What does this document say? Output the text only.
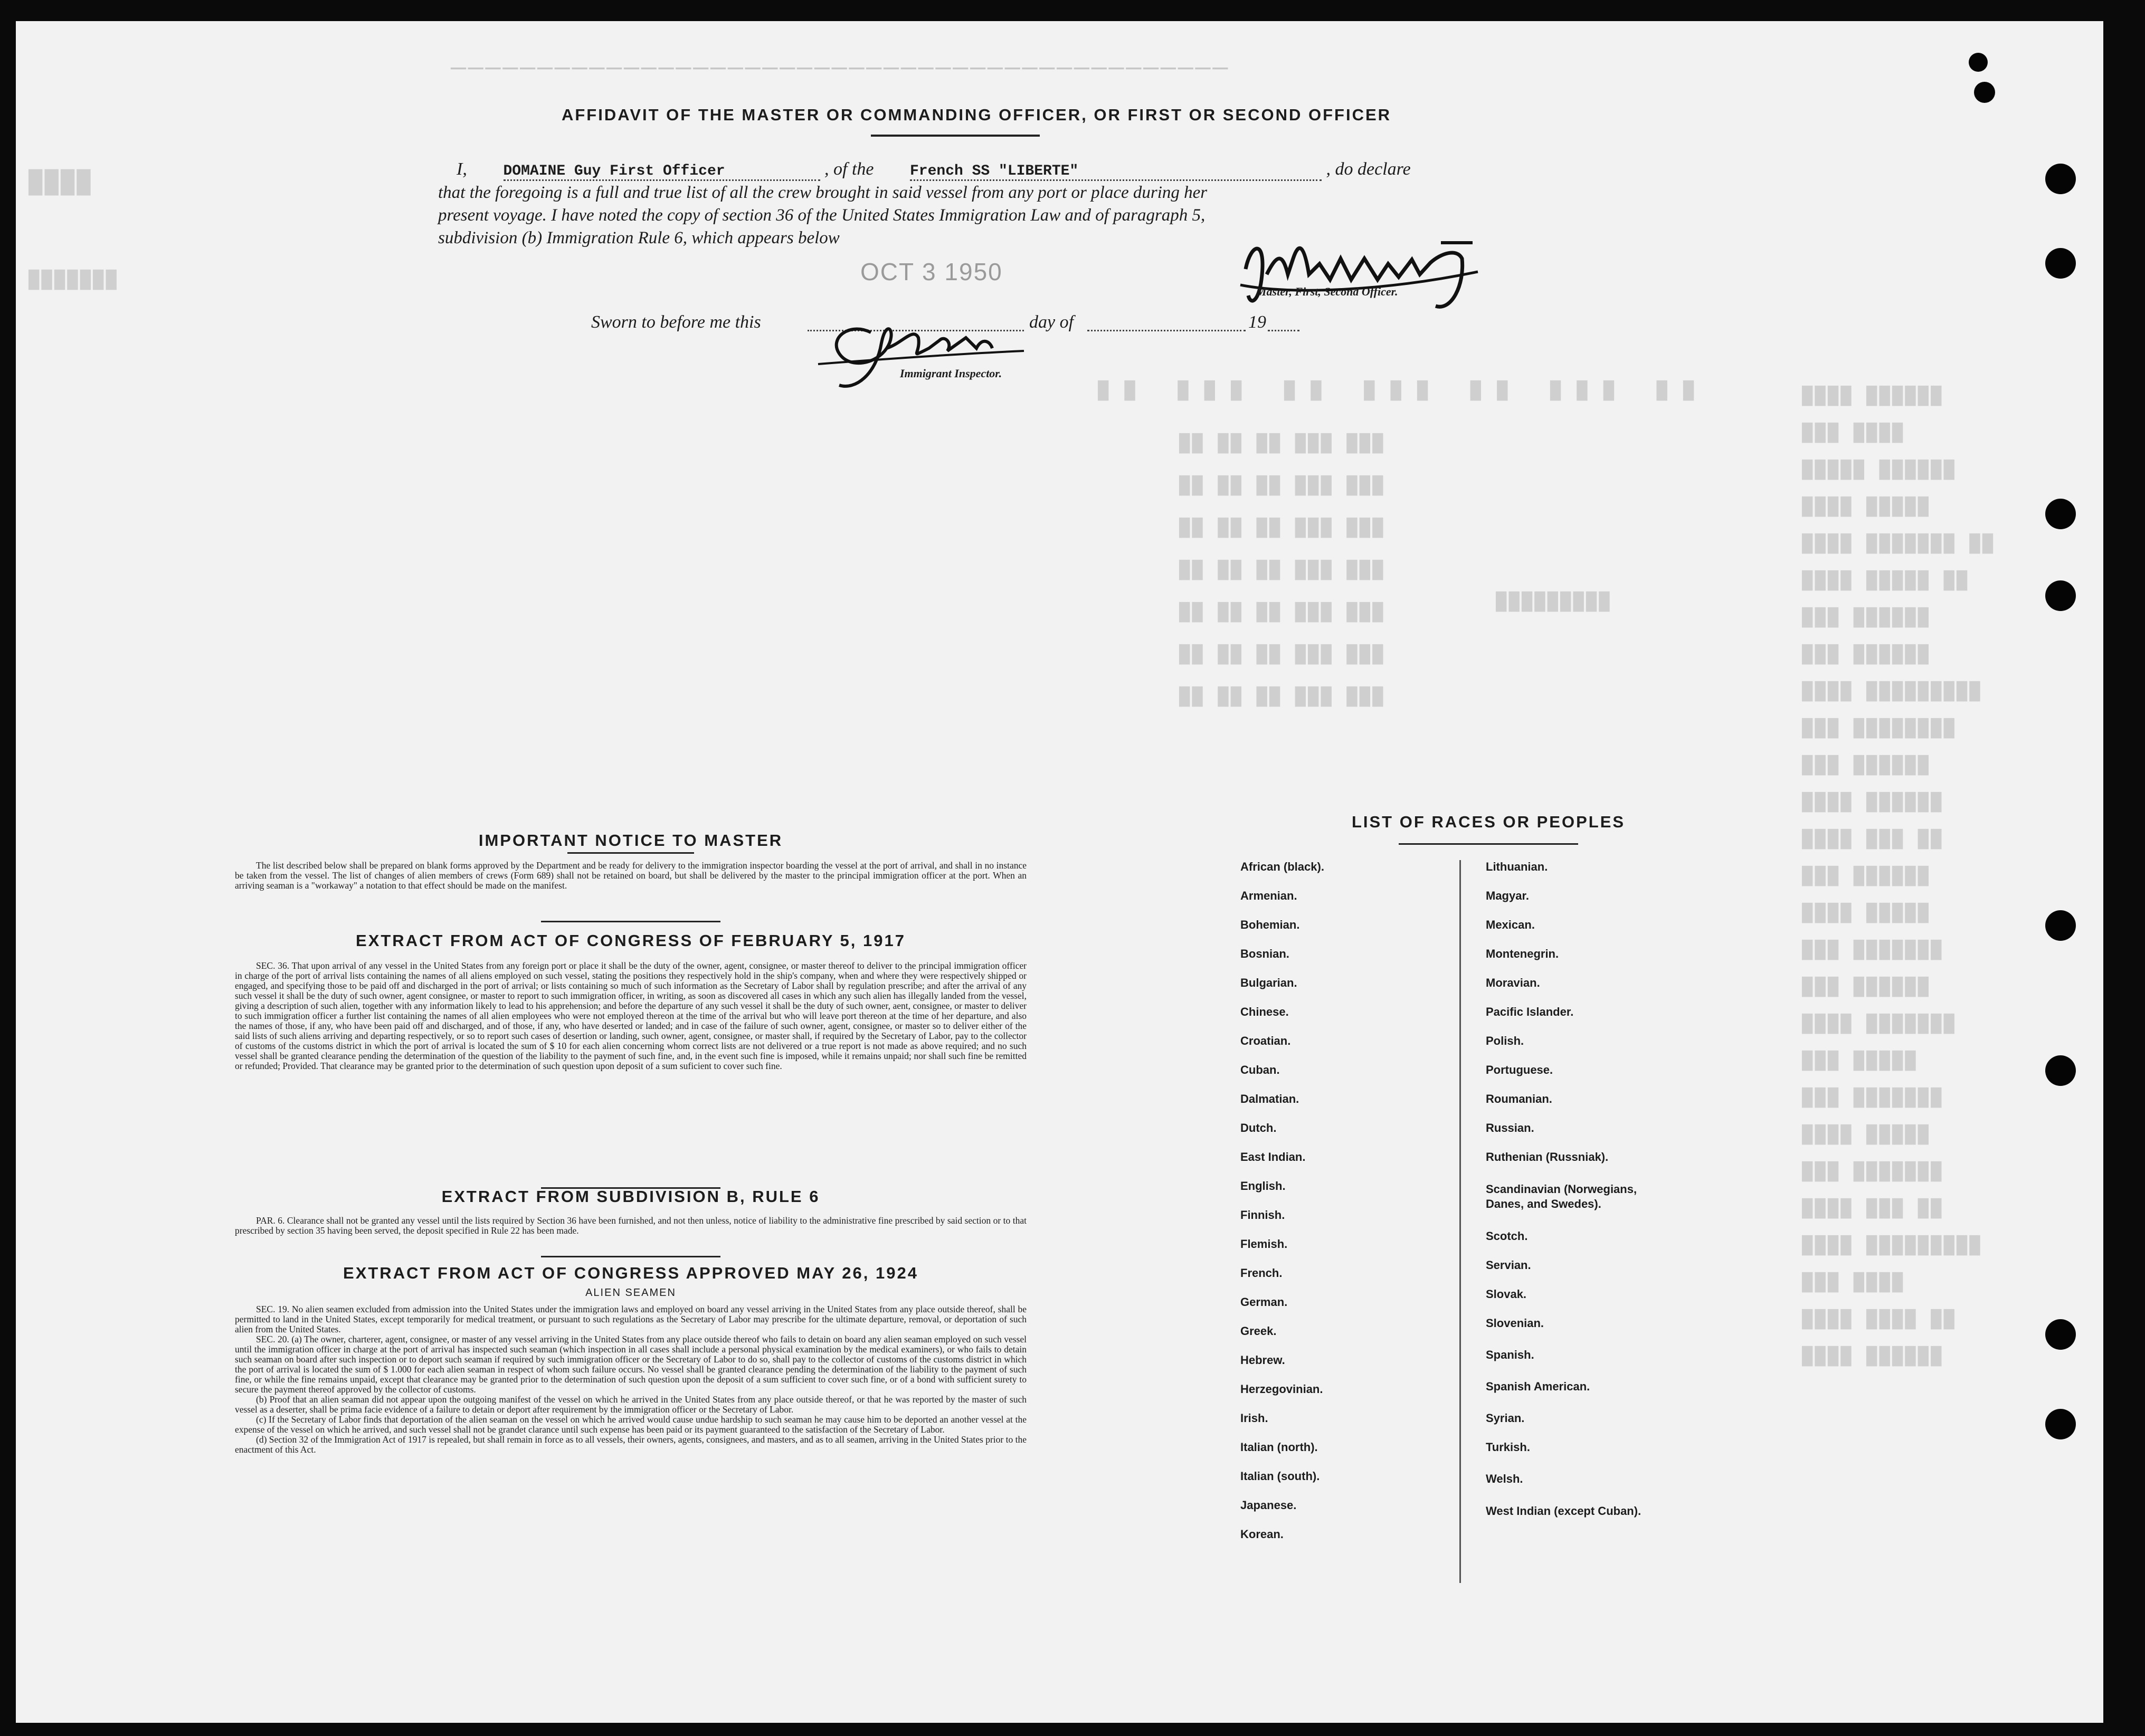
─────────────────────────────────────────────
██████ ████
████ ███
██████ █████
█████ ████
██ ███████ ████
██ █████ ████
██████ ███
██████ ███
█████████ ████
████████ ███
██████ ███
██████ ████
██ ███ ████
██████ ███
█████ ████
███████ ███
██████ ███
███████ ████
█████ ███
███████ ███
█████ ████
███████ ███
██ ███ ████
█████████ ████
████ ███
██ ████ ████
██████ ████
██ ███ ██ ███ ██ ███ ██
███ ███ ██ ██ ██
███ ███ ██ ██ ██
███ ███ ██ ██ ██
███ ███ ██ ██ ██
███ ███ ██ ██ ██
███ ███ ██ ██ ██
███ ███ ██ ██ ██
█████████
███████
████
AFFIDAVIT OF THE MASTER OR COMMANDING OFFICER, OR FIRST OR SECOND OFFICER
I, DOMAINE Guy First Officer	, of the French SS "LIBERTE"	, do declare
that the foregoing is a full and true list of all the crew brought in said vessel from any port or place during her
present voyage. I have noted the copy of section 36 of the United States Immigration Law and of paragraph 5,
subdivision (b) Immigration Rule 6, which appears below
OCT 3 1950
Master, First, Second Officer.
Sworn to before me this	day of	19
Immigrant Inspector.
IMPORTANT NOTICE TO MASTER

The list described below shall be prepared on blank forms approved by the Department and be ready for delivery to the immigration inspector boarding the vessel at the port of arrival, and shall in no instance be taken from the vessel. The list of changes of alien members of crews (Form 689) shall not be retained on board, but shall be delivered by the master to the principal immigration officer at the port. When an arriving seaman is a "workaway" a notation to that effect should be made on the manifest.

EXTRACT FROM ACT OF CONGRESS OF FEBRUARY 5, 1917

SEC. 36. That upon arrival of any vessel in the United States from any foreign port or place it shall be the duty of the owner, agent, consignee, or master thereof to deliver to the principal immigration officer in charge of the port of arrival lists containing the names of all aliens employed on such vessel, stating the positions they respectively hold in the ship's company, when and where they were respectively shipped or engaged, and specifying those to be paid off and discharged in the port of arrival; or lists containing so much of such information as the Secretary of Labor shall by regulation prescribe; and after the arrival of any such vessel it shall be the duty of such owner, agent consignee, or master to report to such immigration officer, in writing, as soon as discovered all cases in which any such alien has illegally landed from the vessel, giving a description of such alien, together with any information likely to lead to his apprehension; and before the departure of any such vessel it shall be the duty of such owner, aent, consignee, or master to deliver to such immigration officer a further list containing the names of all alien employees who were not employed thereon at the time of the arrival but who will leave port thereon at the time of her departure, and also the names of those, if any, who have been paid off and discharged, and of those, if any, who have deserted or landed; and in case of the failure of such owner, agent, consignee, or master so to deliver either of the said lists of such aliens arriving and departing respectively, or so to report such cases of desertion or landing, such owner, agent, consignee, or master shall, if required by the Secretary of Labor, pay to the collector of customs of the customs district in which the port of arrival is located the sum of $ 10 for each alien concerning whom correct lists are not delivered or a true report is not made as above required; and no such vessel shall be granted clearance pending the determination of the question of the liability to the payment of such fine, and, in the event such fine is imposed, while it remains unpaid; nor shall such fine be remitted or refunded; Provided. That clearance may be granted prior to the determination of such question upon deposit of a sum suficient to cover such fine.

EXTRACT FROM SUBDIVISION B, RULE 6

PAR. 6. Clearance shall not be granted any vessel until the lists required by Section 36 have been furnished, and not then unless, notice of liability to the administrative fine prescribed by said section or to that prescribed by section 35 having been served, the deposit specified in Rule 22 has been made.

EXTRACT FROM ACT OF CONGRESS APPROVED MAY 26, 1924
ALIEN SEAMEN

SEC. 19. No alien seamen excluded from admission into the United States under the immigration laws and employed on board any vessel arriving in the United States from any place outside thereof, shall be permitted to land in the United States, except temporarily for medical treatment, or pursuant to such regulations as the Secretary of Labor may prescribe for the ultimate departure, removal, or deportation of such alien from the United States.

SEC. 20. (a) The owner, charterer, agent, consignee, or master of any vessel arriving in the United States from any place outside thereof who fails to detain on board any alien seaman employed on such vessel until the immigration officer in charge at the port of arrival has inspected such seaman (which inspection in all cases shall include a personal physical examination by the medical examiners), or who fails to detain such seaman on board after such inspection or to deport such seaman if required by such immigration officer or the Secretary of Labor to do so, shall pay to the collector of customs of the customs district in which the port of arrival is located the sum of $ 1.000 for each alien seaman in respect of whom such failure occurs. No vessel shall be granted clearance pending the determination of the liability to the payment of such fine, or while the fine remains unpaid, except that clearance may be granted prior to the determination of such question upon the deposit of a sum sufficient to cover such fine, or of a bond with sufficient surety to secure the payment thereof approved by the collector of customs.

(b) Proof that an alien seaman did not appear upon the outgoing manifest of the vessel on which he arrived in the United States from any place outside thereof, or that he was reported by the master of such vessel as a deserter, shall be prima facie evidence of a failure to detain or deport after requirement by the immigration officer or the Secretary of Labor.

(c) If the Secretary of Labor finds that deportation of the alien seaman on the vessel on which he arrived would cause undue hardship to such seaman he may cause him to be deported an another vessel at the expense of the vessel on which he arrived, and such vessel shall not be grandet clarance until such expense has been paid or its payment guaranteed to the satisfaction of the Secretary of Labor.

(d) Section 32 of the Immigration Act of 1917 is repealed, but shall remain in force as to all vessels, their owners, agents, consignees, and masters, and as to all seamen, arriving in the United States prior to the enactment of this Act.

LIST OF RACES OR PEOPLES
African (black).
Armenian.
Bohemian.
Bosnian.
Bulgarian.
Chinese.
Croatian.
Cuban.
Dalmatian.
Dutch.
East Indian.
English.
Finnish.
Flemish.
French.
German.
Greek.
Hebrew.
Herzegovinian.
Irish.
Italian (north).
Italian (south).
Japanese.
Korean.
Lithuanian.
Magyar.
Mexican.
Montenegrin.
Moravian.
Pacific Islander.
Polish.
Portuguese.
Roumanian.
Russian.
Ruthenian (Russniak).
Scandinavian (Norwegians, Danes, and Swedes).
Scotch.
Servian.
Slovak.
Slovenian.
Spanish.
Spanish American.
Syrian.
Turkish.
Welsh.
West Indian (except Cuban).
